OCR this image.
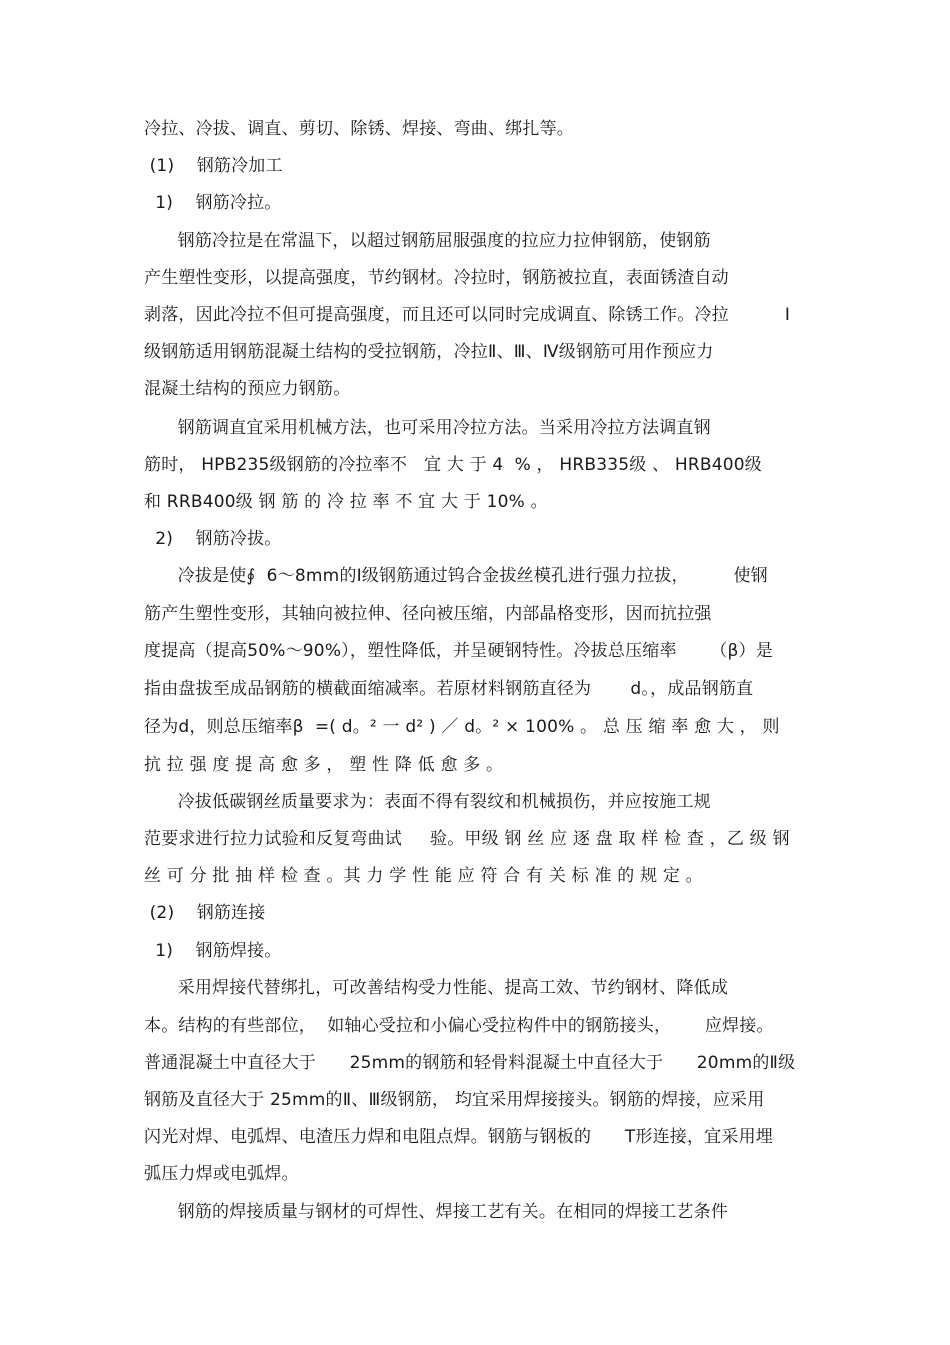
冷拉、冷拔、调直、剪切、除锈、焊接、弯曲、绑扎等。
(1)    钢筋冷加工
1)    钢筋冷拉。
钢筋冷拉是在常温下，以超过钢筋屈服强度的拉应力拉伸钢筋，使钢筋
产生塑性变形，以提高强度，节约钢材。冷拉时，钢筋被拉直，表面锈渣自动
剥落，因此冷拉不但可提高强度，而且还可以同时完成调直、除锈工作。冷拉          I
级钢筋适用钢筋混凝土结构的受拉钢筋，冷拉Ⅱ、Ⅲ、Ⅳ级钢筋可用作预应力
混凝土结构的预应力钢筋。
钢筋调直宜采用机械方法，也可采用冷拉方法。当采用冷拉方法调直钢
筋时， HPB235级钢筋的冷拉率不   宜 大 于 4  % ， HRB335级 、 HRB400级
和 RRB400级 钢 筋 的 冷 拉 率 不 宜 大 于 10% 。
2)    钢筋冷拔。
冷拔是使∮  6～8mm的Ⅰ级钢筋通过钨合金拔丝模孔进行强力拉拔，        使钢
筋产生塑性变形，其轴向被拉伸、径向被压缩，内部晶格变形，因而抗拉强
度提高（提高50%～90%），塑性降低，并呈硬钢特性。冷拔总压缩率      （β）是
指由盘拔至成品钢筋的横截面缩减率。若原材料钢筋直径为       d。，成品钢筋直
径为d，则总压缩率β  =( d。² 一 d² ) ／ d。² × 100% 。 总 压 缩 率 愈 大 ， 则
抗 拉 强 度 提 高 愈 多 ， 塑 性 降 低 愈 多 。
冷拔低碳钢丝质量要求为：表面不得有裂纹和机械损伤，并应按施工规
范要求进行拉力试验和反复弯曲试     验。甲级 钢 丝 应 逐 盘 取 样 检 查 ，乙 级 钢
丝 可 分 批 抽 样 检 查 。其 力 学 性 能 应 符 合 有 关 标 准 的 规 定 。
(2)    钢筋连接
1)    钢筋焊接。
采用焊接代替绑扎，可改善结构受力性能、提高工效、节约钢材、降低成
本。结构的有些部位，  如轴心受拉和小偏心受拉构件中的钢筋接头，      应焊接。
普通混凝土中直径大于      25mm的钢筋和轻骨料混凝土中直径大于      20mm的Ⅱ级
钢筋及直径大于 25mm的Ⅱ、Ⅲ级钢筋， 均宜采用焊接接头。钢筋的焊接，应采用
闪光对焊、电弧焊、电渣压力焊和电阻点焊。钢筋与钢板的      T形连接，宜采用埋
弧压力焊或电弧焊。
钢筋的焊接质量与钢材的可焊性、焊接工艺有关。在相同的焊接工艺条件
